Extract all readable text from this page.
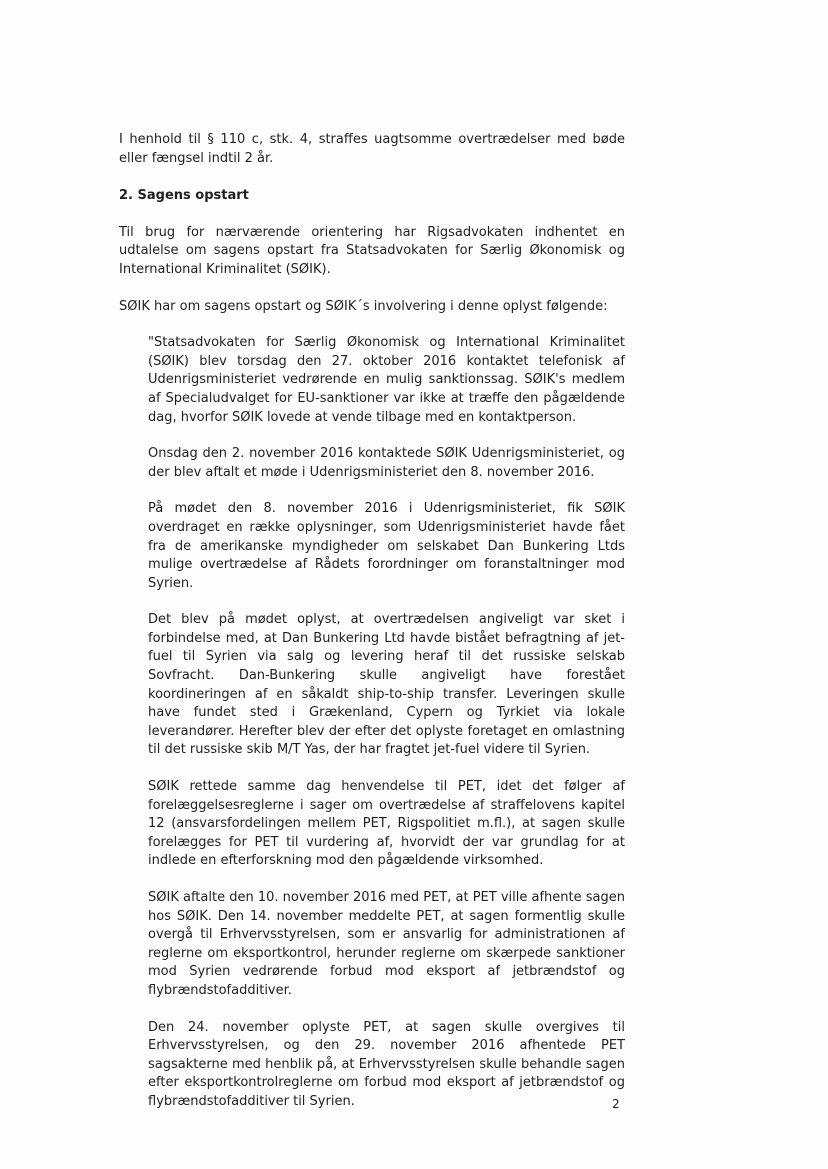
I henhold til § 110 c, stk. 4, straffes uagtsomme overtrædelser med bøde eller fængsel indtil 2 år.

2. Sagens opstart

Til brug for nærværende orientering har Rigsadvokaten indhentet en udtalelse om sagens opstart fra Statsadvokaten for Særlig Økonomisk og International Kriminalitet (SØIK).

SØIK har om sagens opstart og SØIK´s involvering i denne oplyst følgende:

"Statsadvokaten for Særlig Økonomisk og International Kriminalitet (SØIK) blev torsdag den 27. oktober 2016 kontaktet telefonisk af Udenrigsministeriet vedrørende en mulig sanktionssag. SØIK's medlem af Specialudvalget for EU-sanktioner var ikke at træffe den pågældende dag, hvorfor SØIK lovede at vende tilbage med en kontaktperson.

Onsdag den 2. november 2016 kontaktede SØIK Udenrigsministeriet, og der blev aftalt et møde i Udenrigsministeriet den 8. november 2016.

På mødet den 8. november 2016 i Udenrigsministeriet, fik SØIK overdraget en række oplysninger, som Udenrigsministeriet havde fået fra de amerikanske myndigheder om selskabet Dan Bunkering Ltds mulige overtrædelse af Rådets forordninger om foranstaltninger mod Syrien.

Det blev på mødet oplyst, at overtrædelsen angiveligt var sket i forbindelse med, at Dan Bunkering Ltd havde bistået befragtning af jet-fuel til Syrien via salg og levering heraf til det russiske selskab Sovfracht. Dan-Bunkering skulle angiveligt have forestået koordineringen af en såkaldt ship-to-ship transfer. Leveringen skulle have fundet sted i Grækenland, Cypern og Tyrkiet via lokale leverandører. Herefter blev der efter det oplyste foretaget en omlastning til det russiske skib M/T Yas, der har fragtet jet-fuel videre til Syrien.

SØIK rettede samme dag henvendelse til PET, idet det følger af forelæggelsesreglerne i sager om overtrædelse af straffelovens kapitel 12 (ansvarsfordelingen mellem PET, Rigspolitiet m.fl.), at sagen skulle forelægges for PET til vurdering af, hvorvidt der var grundlag for at indlede en efterforskning mod den pågældende virksomhed.

SØIK aftalte den 10. november 2016 med PET, at PET ville afhente sagen hos SØIK. Den 14. november meddelte PET, at sagen formentlig skulle overgå til Erhvervsstyrelsen, som er ansvarlig for administrationen af reglerne om eksportkontrol, herunder reglerne om skærpede sanktioner mod Syrien vedrørende forbud mod eksport af jetbrændstof og flybrændstofadditiver.

Den 24. november oplyste PET, at sagen skulle overgives til Erhvervsstyrelsen, og den 29. november 2016 afhentede PET sagsakterne med henblik på, at Erhvervsstyrelsen skulle behandle sagen efter eksportkontrolreglerne om forbud mod eksport af jetbrændstof og flybrændstofadditiver til Syrien.	2
